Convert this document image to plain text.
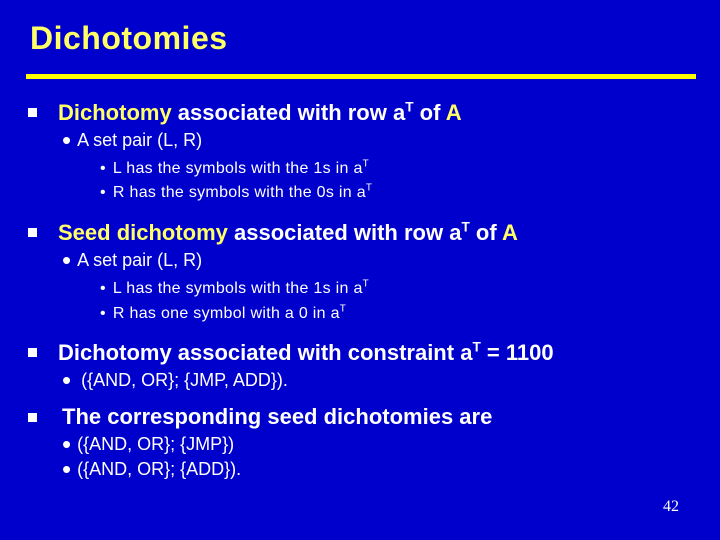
Dichotomies
Dichotomy associated with row $a^T$ of A
• A set pair (L, R)
• L has the symbols with the 1s in $a^T$
• R has the symbols with the 0s in $a^T$
Seed dichotomy associated with row $a^T$ of A
• A set pair (L, R)
• L has the symbols with the 1s in $a^T$
• R has one symbol with a 0 in $a^T$
Dichotomy associated with constraint $a^T = 1100$
• ({AND, OR}; {JMP, ADD}).
The corresponding seed dichotomies are
• ({AND, OR}; {JMP})
• ({AND, OR}; {ADD}).
42
